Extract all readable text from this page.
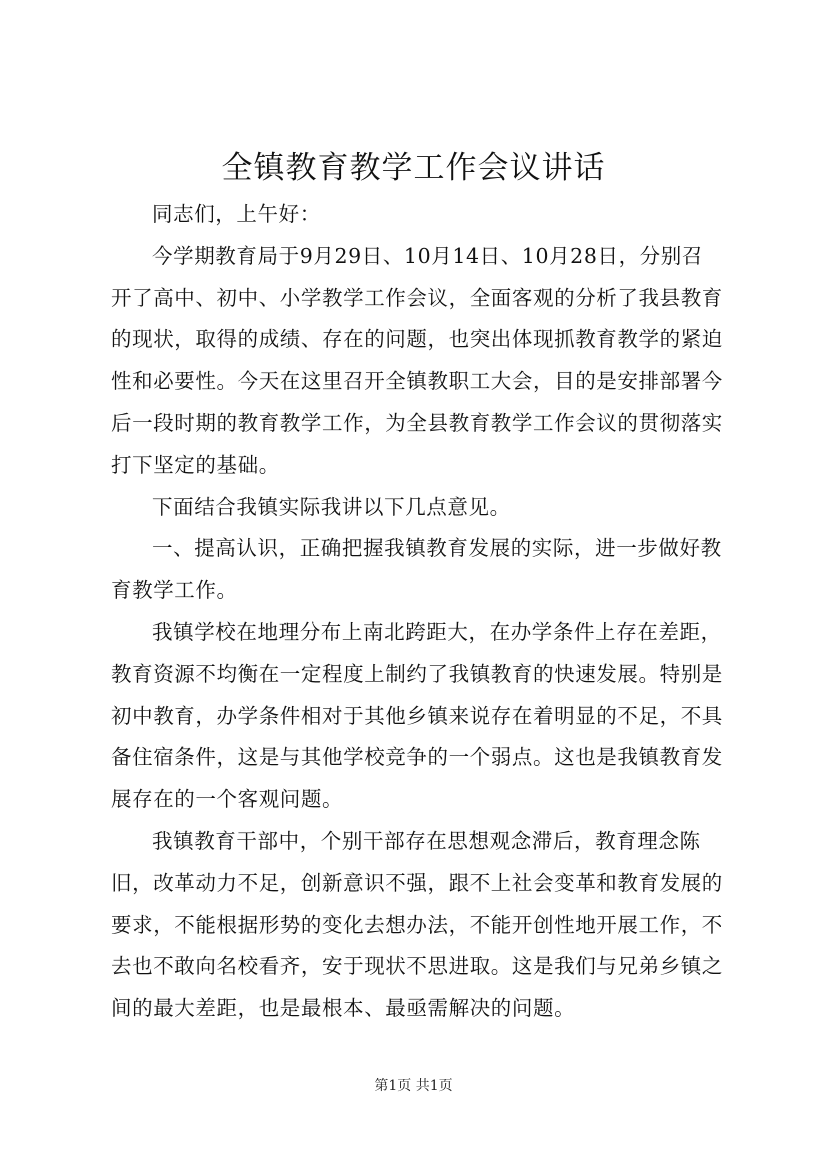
全镇教育教学工作会议讲话

同志们，上午好：

今学期教育局于9月29日、10月14日、10月28日，分别召开了高中、初中、小学教学工作会议，全面客观的分析了我县教育的现状，取得的成绩、存在的问题，也突出体现抓教育教学的紧迫性和必要性。今天在这里召开全镇教职工大会，目的是安排部署今后一段时期的教育教学工作，为全县教育教学工作会议的贯彻落实打下坚定的基础。

下面结合我镇实际我讲以下几点意见。

一、提高认识，正确把握我镇教育发展的实际，进一步做好教育教学工作。

我镇学校在地理分布上南北跨距大，在办学条件上存在差距，教育资源不均衡在一定程度上制约了我镇教育的快速发展。特别是初中教育，办学条件相对于其他乡镇来说存在着明显的不足，不具备住宿条件，这是与其他学校竞争的一个弱点。这也是我镇教育发展存在的一个客观问题。

我镇教育干部中，个别干部存在思想观念滞后，教育理念陈旧，改革动力不足，创新意识不强，跟不上社会变革和教育发展的要求，不能根据形势的变化去想办法，不能开创性地开展工作，不去也不敢向名校看齐，安于现状不思进取。这是我们与兄弟乡镇之间的最大差距，也是最根本、最亟需解决的问题。

第1页 共1页
